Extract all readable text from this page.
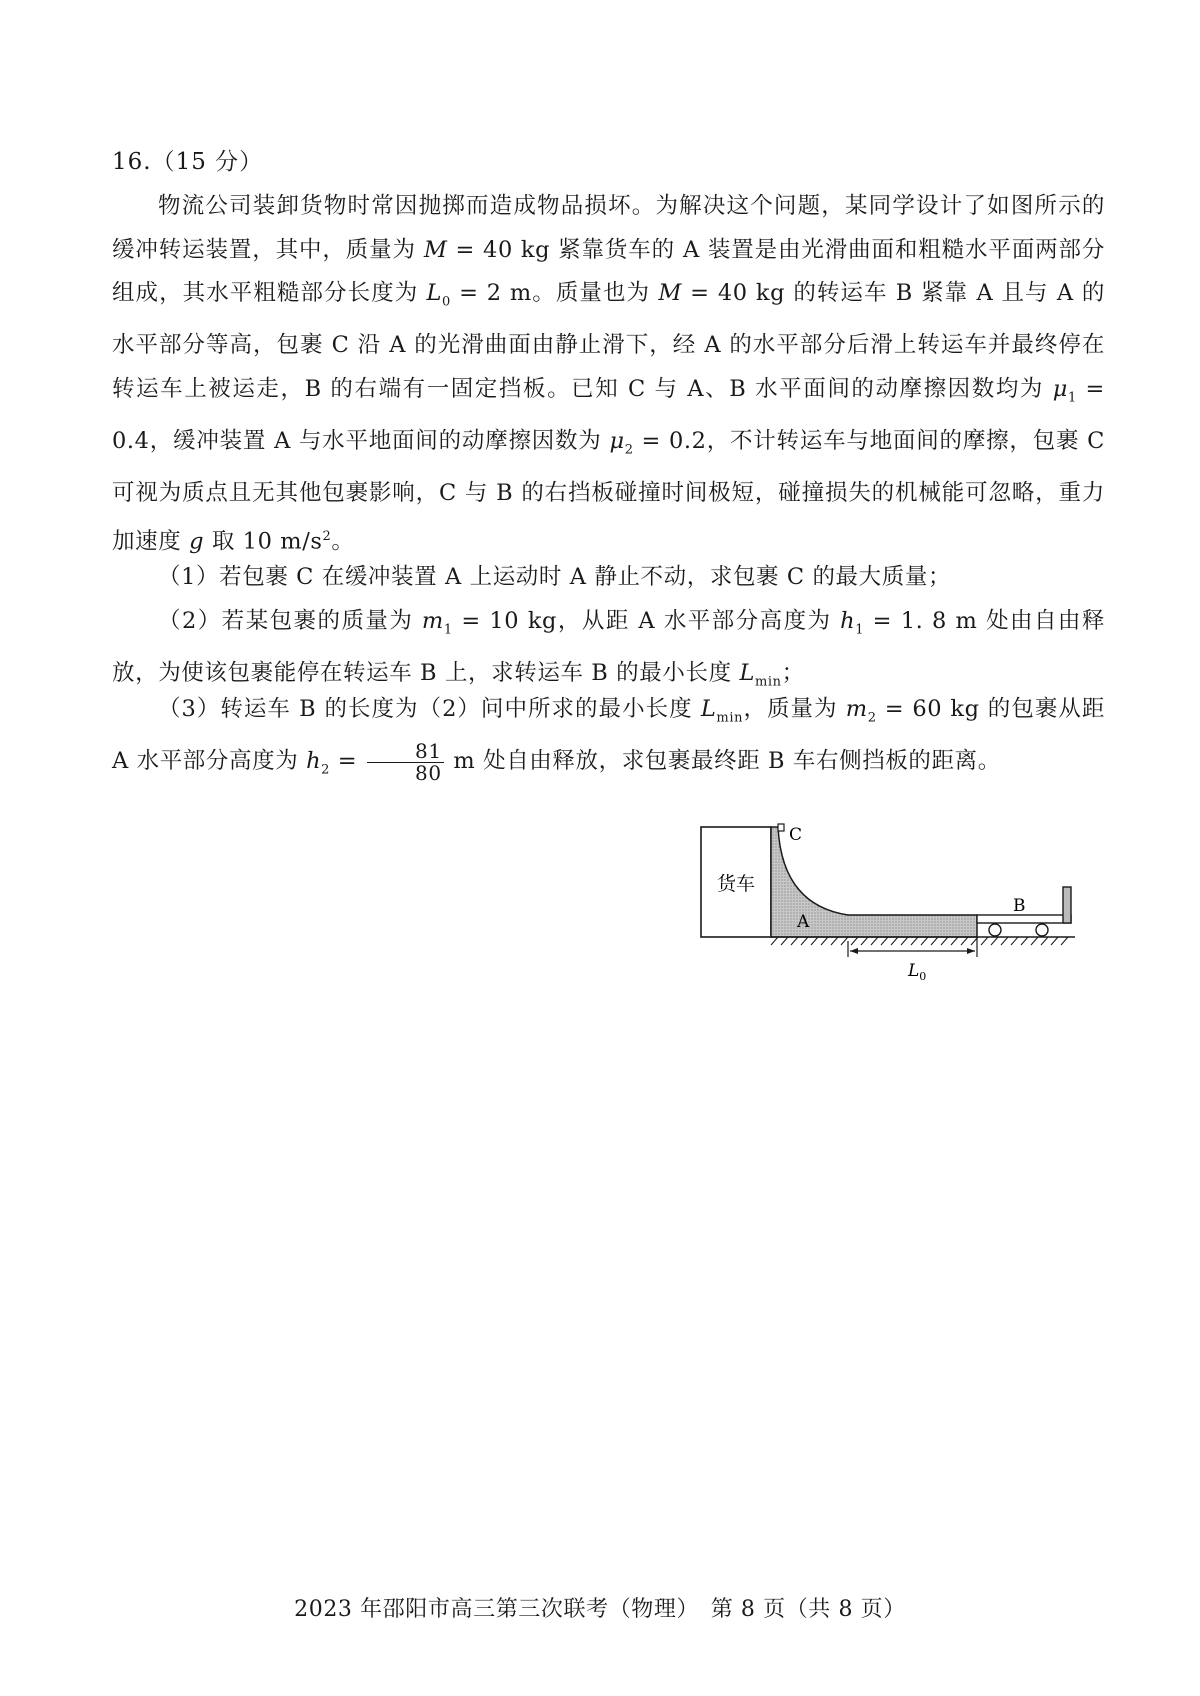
16.（15 分）
物流公司装卸货物时常因抛掷而造成物品损坏。为解决这个问题，某同学设计了如图所示的缓冲转运装置，其中，质量为 M = 40 kg 紧靠货车的 A 装置是由光滑曲面和粗糙水平面两部分组成，其水平粗糙部分长度为 $L_0 = 2$ m。质量也为 M = 40 kg 的转运车 B 紧靠 A 且与 A 的水平部分等高，包裹 C 沿 A 的光滑曲面由静止滑下，经 A 的水平部分后滑上转运车并最终停在转运车上被运走，B 的右端有一固定挡板。已知 C 与 A、B 水平面间的动摩擦因数均为 $\mu_1 = 0.4$，缓冲装置 A 与水平地面间的动摩擦因数为 $\mu_2 = 0.2$，不计转运车与地面间的摩擦，包裹 C 可视为质点且无其他包裹影响，C 与 B 的右挡板碰撞时间极短，碰撞损失的机械能可忽略，重力加速度 g 取 10 $m/s^2$。
（1）若包裹 C 在缓冲装置 A 上运动时 A 静止不动，求包裹 C 的最大质量；
（2）若某包裹的质量为 $m_1 = 10$ kg，从距 A 水平部分高度为 $h_1 = 1$. 8 m 处由自由释放，为使该包裹能停在转运车 B 上，求转运车 B 的最小长度 $L_{min}$；
（3）转运车 B 的长度为（2）问中所求的最小长度 $L_{min}$，质量为 $m_2 = 60$ kg 的包裹从距 A 水平部分高度为 $h_2 = \frac{81}{80}$ m 处自由释放，求包裹最终距 B 车右侧挡板的距离。
货车
A
C
B
$L_0$
2023 年邵阳市高三第三次联考（物理）　第 8 页（共 8 页）
